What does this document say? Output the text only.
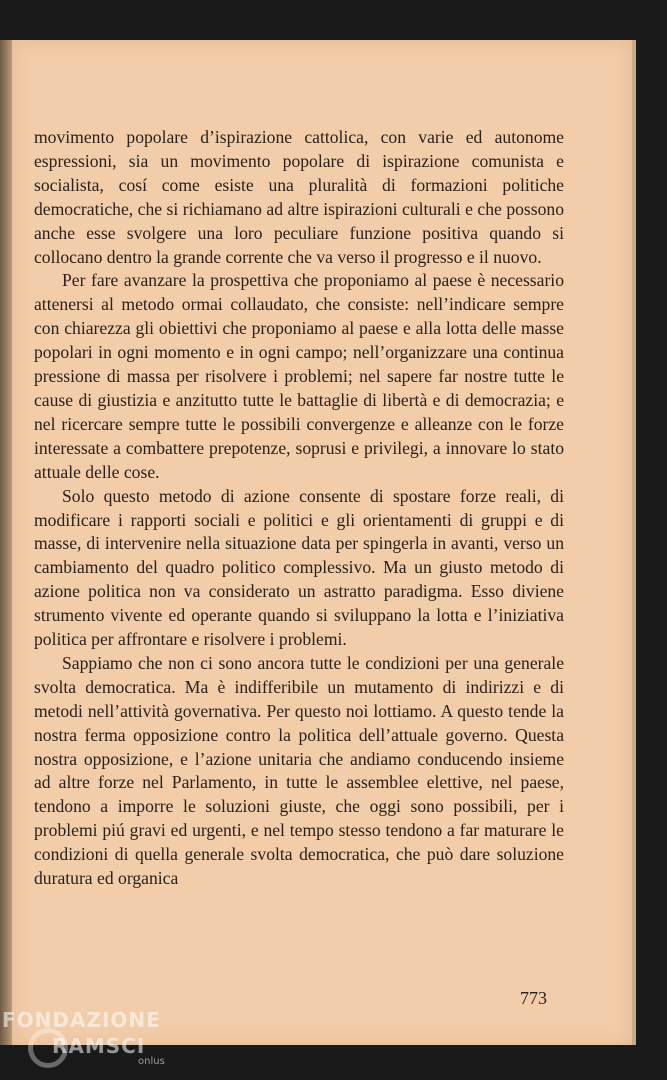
movimento popolare d’ispirazione cattolica, con varie ed autonome espressioni, sia un movimento popolare di ispirazione comunista e socialista, cosí come esiste una pluralità di formazioni politiche democratiche, che si richiamano ad altre ispirazioni culturali e che possono anche esse svolgere una loro peculiare funzione positiva quando si collocano dentro la grande corrente che va verso il progresso e il nuovo.

Per fare avanzare la prospettiva che proponiamo al paese è necessario attenersi al metodo ormai collaudato, che consiste: nell’indicare sempre con chiarezza gli obiettivi che proponiamo al paese e alla lotta delle masse popolari in ogni momento e in ogni campo; nell’organizzare una continua pressione di massa per risolvere i problemi; nel sapere far nostre tutte le cause di giustizia e anzitutto tutte le battaglie di libertà e di democrazia; e nel ricercare sempre tutte le possibili convergenze e alleanze con le forze interessate a combattere prepotenze, soprusi e privilegi, a innovare lo stato attuale delle cose.

Solo questo metodo di azione consente di spostare forze reali, di modificare i rapporti sociali e politici e gli orientamenti di gruppi e di masse, di intervenire nella situazione data per spingerla in avanti, verso un cambiamento del quadro politico complessivo. Ma un giusto metodo di azione politica non va considerato un astratto paradigma. Esso diviene strumento vivente ed operante quando si sviluppano la lotta e l’iniziativa politica per affrontare e risolvere i problemi.

Sappiamo che non ci sono ancora tutte le condizioni per una generale svolta democratica. Ma è indifferibile un mutamento di indirizzi e di metodi nell’attività governativa. Per questo noi lottiamo. A questo tende la nostra ferma opposizione contro la politica dell’attuale governo. Questa nostra opposizione, e l’azione unitaria che andiamo conducendo insieme ad altre forze nel Parlamento, in tutte le assemblee elettive, nel paese, tendono a imporre le soluzioni giuste, che oggi sono possibili, per i problemi piú gravi ed urgenti, e nel tempo stesso tendono a far maturare le condizioni di quella generale svolta democratica, che può dare soluzione duratura ed organica

773
FONDAZIONE
RAMSCI
onlus
